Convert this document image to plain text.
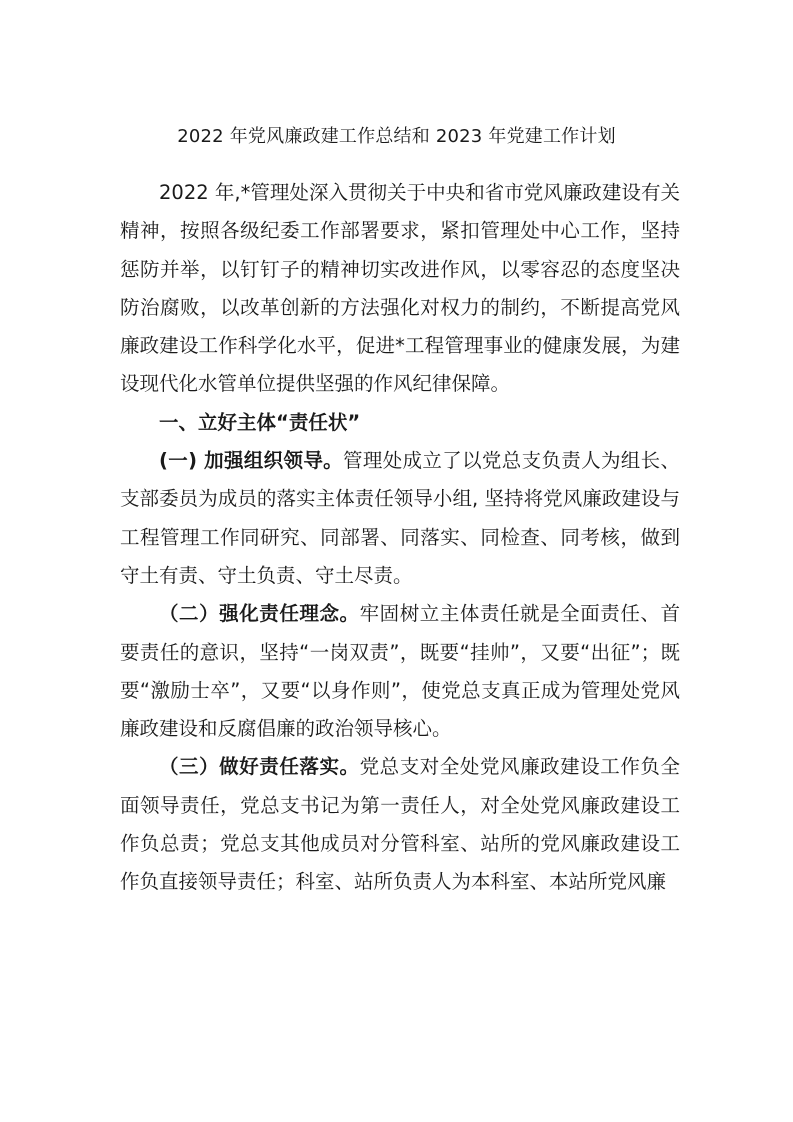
2022 年党风廉政建工作总结和 2023 年党建工作计划

2022 年,*管理处深入贯彻关于中央和省市党风廉政建设有关精神，按照各级纪委工作部署要求，紧扣管理处中心工作，坚持惩防并举，以钉钉子的精神切实改进作风，以零容忍的态度坚决防治腐败，以改革创新的方法强化对权力的制约，不断提高党风廉政建设工作科学化水平，促进*工程管理事业的健康发展，为建设现代化水管单位提供坚强的作风纪律保障。

一、立好主体“责任状”

(一) 加强组织领导。管理处成立了以党总支负责人为组长、支部委员为成员的落实主体责任领导小组, 坚持将党风廉政建设与工程管理工作同研究、同部署、同落实、同检查、同考核，做到守土有责、守土负责、守土尽责。

（二）强化责任理念。牢固树立主体责任就是全面责任、首要责任的意识，坚持“一岗双责”，既要“挂帅”，又要“出征”；既要“激励士卒”，又要“以身作则”，使党总支真正成为管理处党风廉政建设和反腐倡廉的政治领导核心。

（三）做好责任落实。党总支对全处党风廉政建设工作负全面领导责任，党总支书记为第一责任人，对全处党风廉政建设工作负总责；党总支其他成员对分管科室、站所的党风廉政建设工作负直接领导责任；科室、站所负责人为本科室、本站所党风廉
